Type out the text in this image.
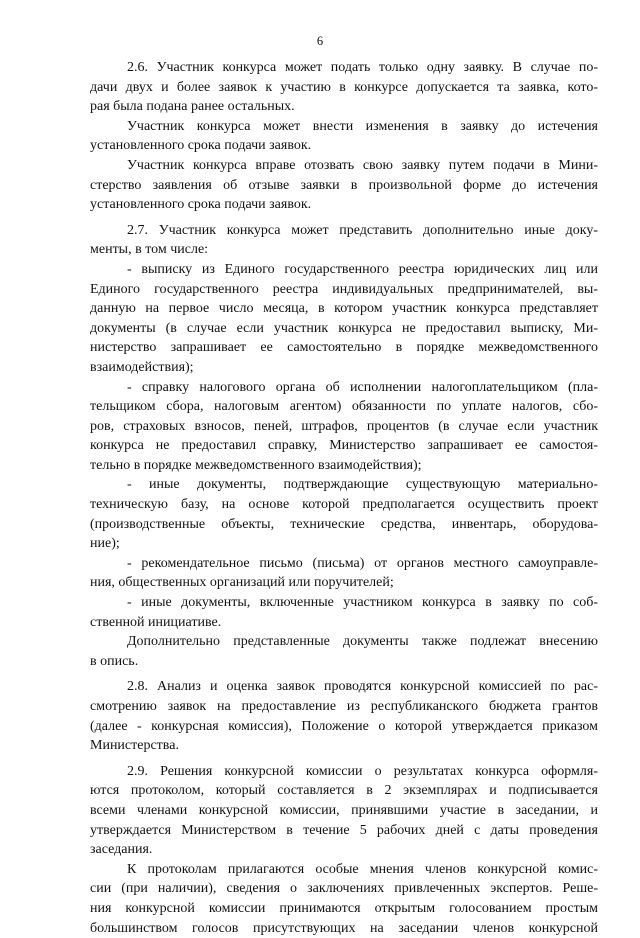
6
2.6. Участник конкурса может подать только одну заявку. В случае по-
дачи двух и более заявок к участию в конкурсе допускается та заявка, кото-
рая была подана ранее остальных.
Участник конкурса может внести изменения в заявку до истечения
установленного срока подачи заявок.
Участник конкурса вправе отозвать свою заявку путем подачи в Мини-
стерство заявления об отзыве заявки в произвольной форме до истечения
установленного срока подачи заявок.
2.7. Участник конкурса может представить дополнительно иные доку-
менты, в том числе:
- выписку из Единого государственного реестра юридических лиц или
Единого государственного реестра индивидуальных предпринимателей, вы-
данную на первое число месяца, в котором участник конкурса представляет
документы (в случае если участник конкурса не предоставил выписку, Ми-
нистерство запрашивает ее самостоятельно в порядке межведомственного
взаимодействия);
- справку налогового органа об исполнении налогоплательщиком (пла-
тельщиком сбора, налоговым агентом) обязанности по уплате налогов, сбо-
ров, страховых взносов, пеней, штрафов, процентов (в случае если участник
конкурса не предоставил справку, Министерство запрашивает ее самостоя-
тельно в порядке межведомственного взаимодействия);
- иные документы, подтверждающие существующую материально-
техническую базу, на основе которой предполагается осуществить проект
(производственные объекты, технические средства, инвентарь, оборудова-
ние);
- рекомендательное письмо (письма) от органов местного самоуправле-
ния, общественных организаций или поручителей;
- иные документы, включенные участником конкурса в заявку по соб-
ственной инициативе.
Дополнительно представленные документы также подлежат внесению
в опись.
2.8. Анализ и оценка заявок проводятся конкурсной комиссией по рас-
смотрению заявок на предоставление из республиканского бюджета грантов
(далее - конкурсная комиссия), Положение о которой утверждается приказом
Министерства.
2.9. Решения конкурсной комиссии о результатах конкурса оформля-
ются протоколом, который составляется в 2 экземплярах и подписывается
всеми членами конкурсной комиссии, принявшими участие в заседании, и
утверждается Министерством в течение 5 рабочих дней с даты проведения
заседания.
К протоколам прилагаются особые мнения членов конкурсной комис-
сии (при наличии), сведения о заключениях привлеченных экспертов. Реше-
ния конкурсной комиссии принимаются открытым голосованием простым
большинством голосов присутствующих на заседании членов конкурсной
